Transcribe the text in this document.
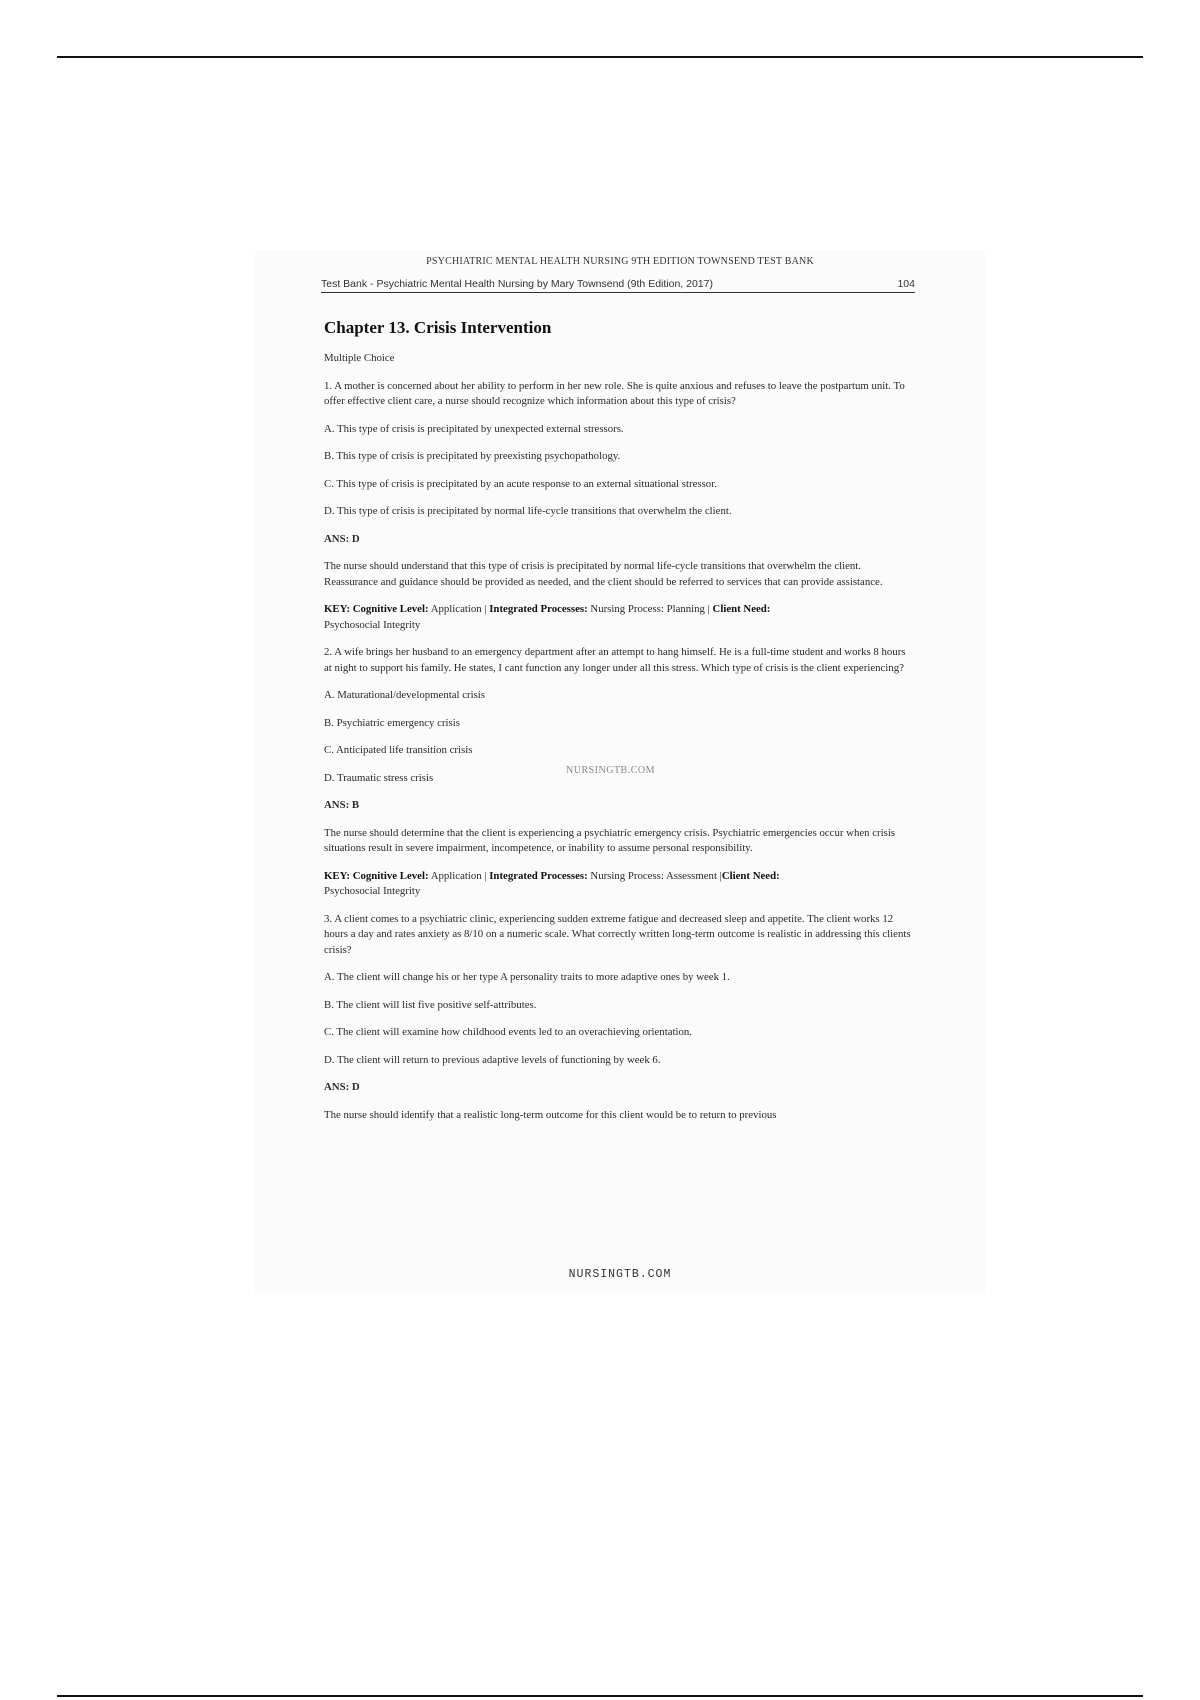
PSYCHIATRIC MENTAL HEALTH NURSING 9TH EDITION TOWNSEND TEST BANK
Test Bank - Psychiatric Mental Health Nursing by Mary Townsend (9th Edition, 2017)	104
Chapter 13. Crisis Intervention
Multiple Choice
1. A mother is concerned about her ability to perform in her new role. She is quite anxious and refuses to leave the postpartum unit. To offer effective client care, a nurse should recognize which information about this type of crisis?
A. This type of crisis is precipitated by unexpected external stressors.
B. This type of crisis is precipitated by preexisting psychopathology.
C. This type of crisis is precipitated by an acute response to an external situational stressor.
D. This type of crisis is precipitated by normal life-cycle transitions that overwhelm the client.
ANS: D
The nurse should understand that this type of crisis is precipitated by normal life-cycle transitions that overwhelm the client. Reassurance and guidance should be provided as needed, and the client should be referred to services that can provide assistance.
KEY: Cognitive Level: Application | Integrated Processes: Nursing Process: Planning | Client Need:
Psychosocial Integrity
2. A wife brings her husband to an emergency department after an attempt to hang himself. He is a full-time student and works 8 hours at night to support his family. He states, I cant function any longer under all this stress. Which type of crisis is the client experiencing?
A. Maturational/developmental crisis
B. Psychiatric emergency crisis
C. Anticipated life transition crisis
D. Traumatic stress crisis
ANS: B
The nurse should determine that the client is experiencing a psychiatric emergency crisis. Psychiatric emergencies occur when crisis situations result in severe impairment, incompetence, or inability to assume personal responsibility.
KEY: Cognitive Level: Application | Integrated Processes: Nursing Process: Assessment |Client Need:
Psychosocial Integrity
3. A client comes to a psychiatric clinic, experiencing sudden extreme fatigue and decreased sleep and appetite. The client works 12 hours a day and rates anxiety as 8/10 on a numeric scale. What correctly written long-term outcome is realistic in addressing this clients crisis?
A. The client will change his or her type A personality traits to more adaptive ones by week 1.
B. The client will list five positive self-attributes.
C. The client will examine how childhood events led to an overachieving orientation.
D. The client will return to previous adaptive levels of functioning by week 6.
ANS: D
The nurse should identify that a realistic long-term outcome for this client would be to return to previous
NURSINGTB.COM
NURSINGTB.COM
